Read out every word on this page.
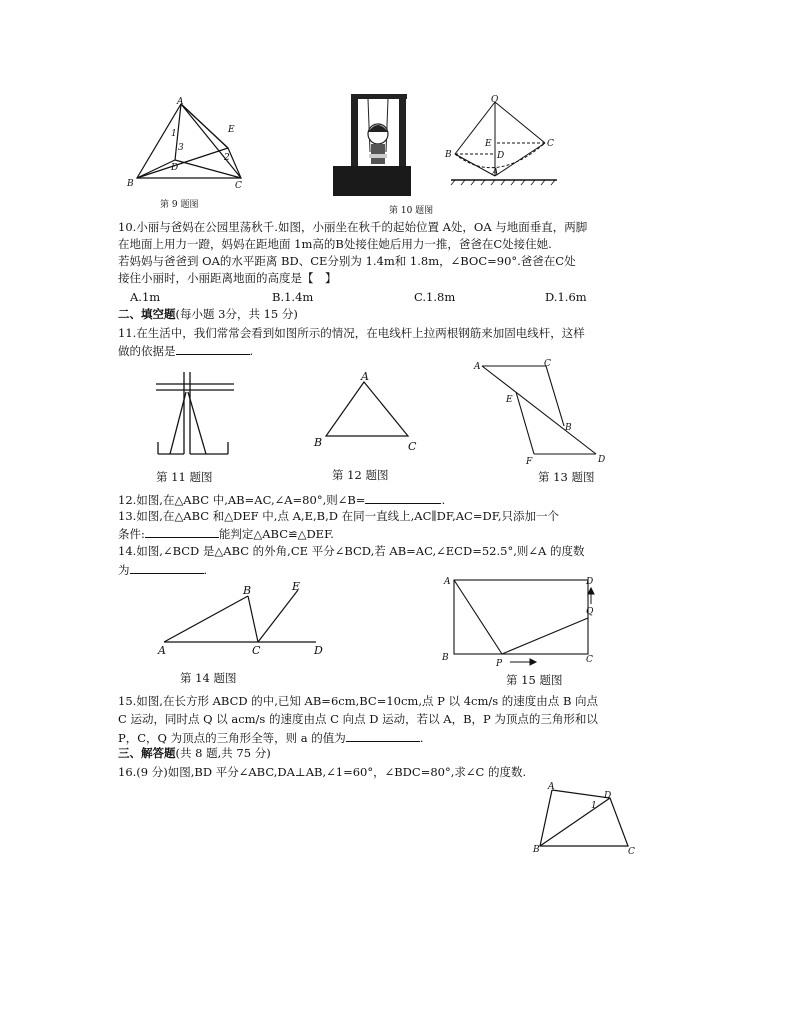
A
B	C
D
E
1
3
2
第 9 题图
O
B
C
E
D
A
第 10 题图
10.小丽与爸妈在公园里荡秋千.如图，小丽坐在秋千的起始位置 A处，OA 与地面垂直，两脚
在地面上用力一蹬，妈妈在距地面 1m高的B处接住她后用力一推，爸爸在C处接住她.
若妈妈与爸爸到 OA的水平距离 BD、CE分别为 1.4m和 1.8m，∠BOC=90°.爸爸在C处
接住小丽时，小丽距离地面的高度是【　】
A.1m	B.1.4m	C.1.8m	D.1.6m
二、填空题(每小题 3分，共 15 分)
11.在生活中，我们常常会看到如图所示的情况，在电线杆上拉两根钢筋来加固电线杆，这样
做的依据是	.
第 11 题图
A
B	C
第 12 题图
A	C
E
B
F	D
第 13 题图
12.如图,在△ABC 中,AB=AC,∠A=80°,则∠B=	.
13.如图,在△ABC 和△DEF 中,点 A,E,B,D 在同一直线上,AC∥DF,AC=DF,只添加一个
条件:	能判定△ABC≌△DEF.
14.如图,∠BCD 是△ABC 的外角,CE 平分∠BCD,若 AB=AC,∠ECD=52.5°,则∠A 的度数
为	.
A
B
C	D
E
第 14 题图
A	D
Q
B
P	C
第 15 题图
15.如图,在长方形 ABCD 的中,已知 AB=6cm,BC=10cm,点 P 以 4cm/s 的速度由点 B 向点
C 运动，同时点 Q 以 acm/s 的速度由点 C 向点 D 运动，若以 A，B，P 为顶点的三角形和以
P，C，Q 为顶点的三角形全等，则 a 的值为	.
三、解答题(共 8 题,共 75 分)
16.(9 分)如图,BD 平分∠ABC,DA⊥AB,∠1=60°，∠BDC=80°,求∠C 的度数.
A
D
1
B	C
